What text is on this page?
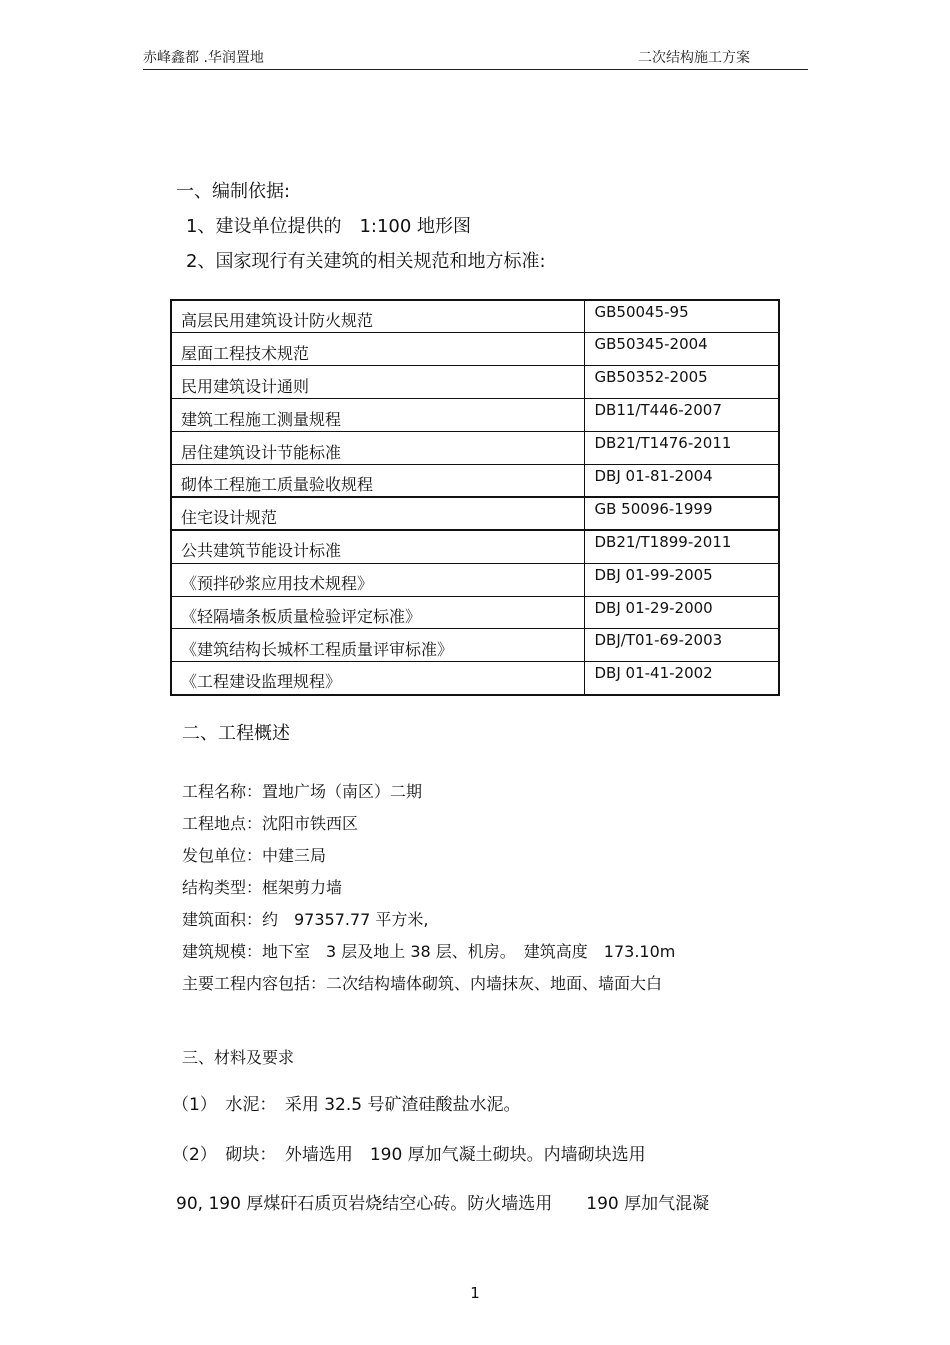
赤峰鑫都 .华润置地	二次结构施工方案
一、编制依据:
1、建设单位提供的　1:100 地形图
2、国家现行有关建筑的相关规范和地方标准:
高层民用建筑设计防火规范	GB50045-95
屋面工程技术规范	GB50345-2004
民用建筑设计通则	GB50352-2005
建筑工程施工测量规程	DB11/T446-2007
居住建筑设计节能标准	DB21/T1476-2011
砌体工程施工质量验收规程	DBJ 01-81-2004
住宅设计规范	GB 50096-1999
公共建筑节能设计标准	DB21/T1899-2011
《预拌砂浆应用技术规程》	DBJ 01-99-2005
《轻隔墙条板质量检验评定标准》	DBJ 01-29-2000
《建筑结构长城杯工程质量评审标准》	DBJ/T01-69-2003
《工程建设监理规程》	DBJ 01-41-2002
二、工程概述
工程名称：置地广场（南区）二期
工程地点：沈阳市铁西区
发包单位：中建三局
结构类型：框架剪力墙
建筑面积：约　97357.77 平方米,
建筑规模：地下室　3 层及地上 38 层、机房。　建筑高度　173.10m
主要工程内容包括：二次结构墙体砌筑、内墙抹灰、地面、墙面大白
三、材料及要求
（1）　水泥：　采用 32.5 号矿渣硅酸盐水泥。
（2）　砌块：　外墙选用　190 厚加气凝土砌块。内墙砌块选用
90, 190 厚煤矸石质页岩烧结空心砖。防火墙选用　　190 厚加气混凝
1
